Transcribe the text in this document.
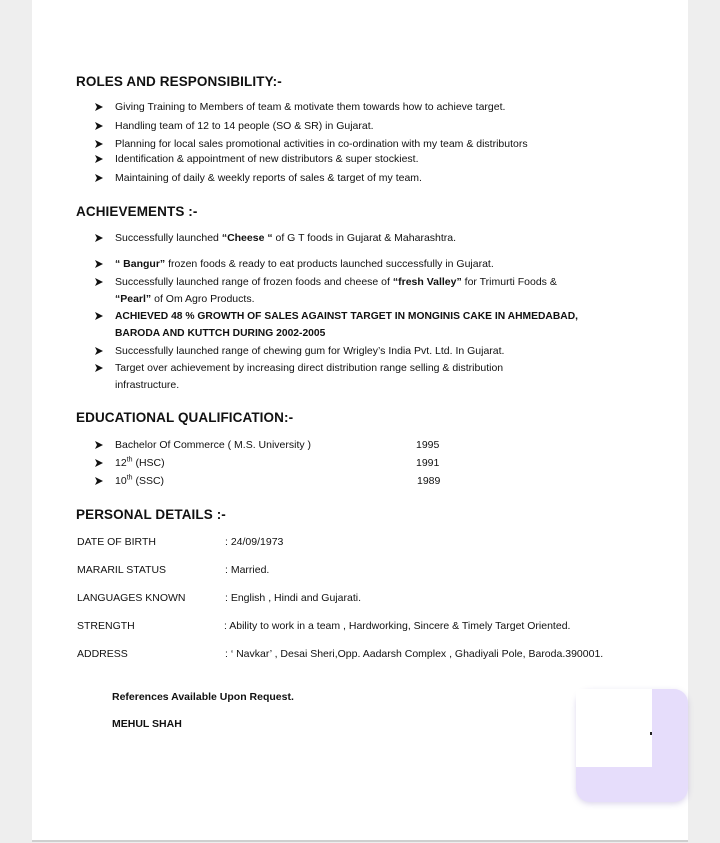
ROLES AND RESPONSIBILITY:-
Giving Training to Members of team & motivate them towards how to achieve target.
Handling team of 12 to 14 people (SO & SR) in Gujarat.
Planning for local sales promotional activities in co-ordination with my team & distributors
Identification & appointment of new distributors & super stockiest.
Maintaining of daily & weekly reports of sales & target of my team.
ACHIEVEMENTS :-
Successfully launched “Cheese “ of G T foods in Gujarat & Maharashtra.
“ Bangur” frozen foods & ready to eat products launched successfully in Gujarat.
Successfully launched range of frozen foods and cheese of “fresh Valley” for Trimurti Foods &
“Pearl” of Om Agro Products.
ACHIEVED 48 % GROWTH OF SALES AGAINST TARGET IN MONGINIS CAKE IN AHMEDABAD,
BARODA AND KUTTCH DURING 2002-2005
Successfully launched range of chewing gum for Wrigley’s India Pvt. Ltd. In Gujarat.
Target over achievement by increasing direct distribution range selling & distribution
infrastructure.
EDUCATIONAL QUALIFICATION:-
Bachelor Of Commerce ( M.S. University )	1995
12th (HSC)	1991
10th (SSC)	1989
PERSONAL DETAILS :-
DATE OF BIRTH	: 24/09/1973
MARARIL STATUS	: Married.
LANGUAGES KNOWN	: English , Hindi and Gujarati.
STRENGTH	: Ability to work in a team , Hardworking, Sincere & Timely Target Oriented.
ADDRESS	: ‘ Navkar’ , Desai Sheri,Opp. Aadarsh Complex , Ghadiyali Pole, Baroda.390001.
References Available Upon Request.
MEHUL SHAH
